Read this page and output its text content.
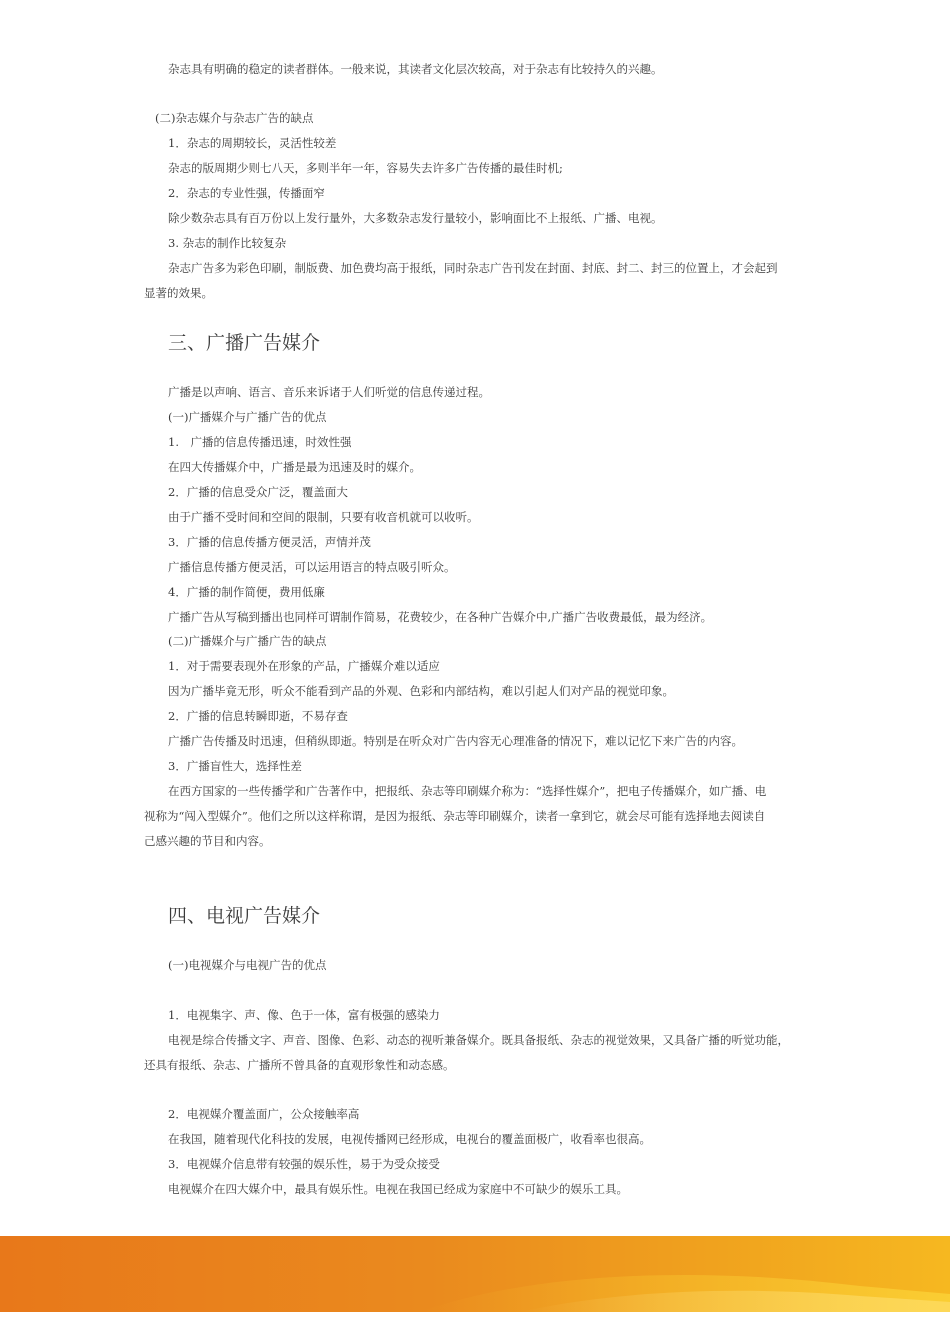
杂志具有明确的稳定的读者群体。一般来说，其读者文化层次较高，对于杂志有比较持久的兴趣。
(二)杂志媒介与杂志广告的缺点
1．杂志的周期较长，灵活性较差
杂志的版周期少则七八天，多则半年一年，容易失去许多广告传播的最佳时机;
2．杂志的专业性强，传播面窄
除少数杂志具有百万份以上发行量外，大多数杂志发行量较小，影响面比不上报纸、广播、电视。
3. 杂志的制作比较复杂
杂志广告多为彩色印刷，制版费、加色费均高于报纸，同时杂志广告刊发在封面、封底、封二、封三的位置上，才会起到
显著的效果。
三、广播广告媒介
广播是以声响、语言、音乐来诉诸于人们听觉的信息传递过程。
(一)广播媒介与广播广告的优点
1.　广播的信息传播迅速，时效性强
在四大传播媒介中，广播是最为迅速及时的媒介。
2．广播的信息受众广泛，覆盖面大
由于广播不受时间和空间的限制，只要有收音机就可以收听。
3．广播的信息传播方便灵活，声情并茂
广播信息传播方便灵活，可以运用语言的特点吸引听众。
4．广播的制作简便，费用低廉
广播广告从写稿到播出也同样可谓制作简易，花费较少，在各种广告媒介中,广播广告收费最低，最为经济。
(二)广播媒介与广播广告的缺点
1．对于需要表现外在形象的产品，广播媒介难以适应
因为广播毕竟无形，听众不能看到产品的外观、色彩和内部结构，难以引起人们对产品的视觉印象。
2．广播的信息转瞬即逝，不易存查
广播广告传播及时迅速，但稍纵即逝。特别是在听众对广告内容无心理准备的情况下，难以记忆下来广告的内容。
3．广播盲性大，选择性差
在西方国家的一些传播学和广告著作中，把报纸、杂志等印刷媒介称为：“选择性媒介”，把电子传播媒介，如广播、电
视称为“闯入型媒介”。他们之所以这样称谓，是因为报纸、杂志等印刷媒介，读者一拿到它，就会尽可能有选择地去阅读自
己感兴趣的节目和内容。
四、电视广告媒介
(一)电视媒介与电视广告的优点
1．电视集字、声、像、色于一体，富有极强的感染力
电视是综合传播文字、声音、图像、色彩、动态的视听兼备媒介。既具备报纸、杂志的视觉效果，又具备广播的听觉功能，
还具有报纸、杂志、广播所不曾具备的直观形象性和动态感。
2．电视媒介覆盖面广，公众接触率高
在我国，随着现代化科技的发展，电视传播网已经形成，电视台的覆盖面极广，收看率也很高。
3．电视媒介信息带有较强的娱乐性，易于为受众接受
电视媒介在四大媒介中，最具有娱乐性。电视在我国已经成为家庭中不可缺少的娱乐工具。
